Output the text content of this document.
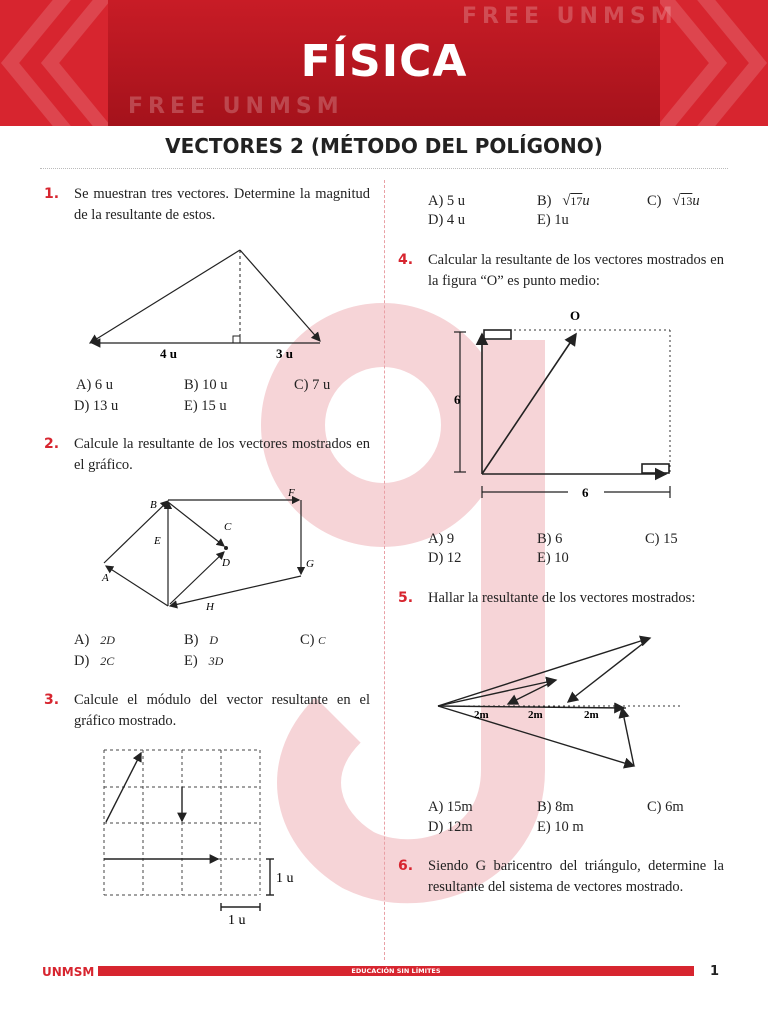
FREE UNMSM
FREE UNMSM
FÍSICA
VECTORES 2 (MÉTODO DEL POLÍGONO)
1. Se muestran tres vectores. Determine la magnitud de la resultante de estos.
4 u	3 u
A) 6 u	B) 10 u	C) 7 u
D) 13 u	E) 15 u
2. Calcule la resultante de los vectores mostrados en el gráfico.
A
B
C
D
E
F
G
H
A) 2D	B) D	C) C
D) 2C	E) 3D
3. Calcule el módulo del vector resultante en el gráfico mostrado.
1 u
1 u
A) 5 u	B)   √17u	C)   √13u
D) 4 u	E) 1u
4. Calcular la resultante de los vectores mostrados en la figura “O” es punto medio:
O
6
6
A) 9	B) 6	C) 15
D) 12	E) 10
5. Hallar la resultante de los vectores mostrados:
2m	2m	2m
A) 15m	B) 8m	C) 6m
D) 12m	E) 10 m
6. Siendo G baricentro del triángulo, determine la resultante del sistema de vectores mostrado.
UNMSM	EDUCACIÓN SIN LÍMITES	1
